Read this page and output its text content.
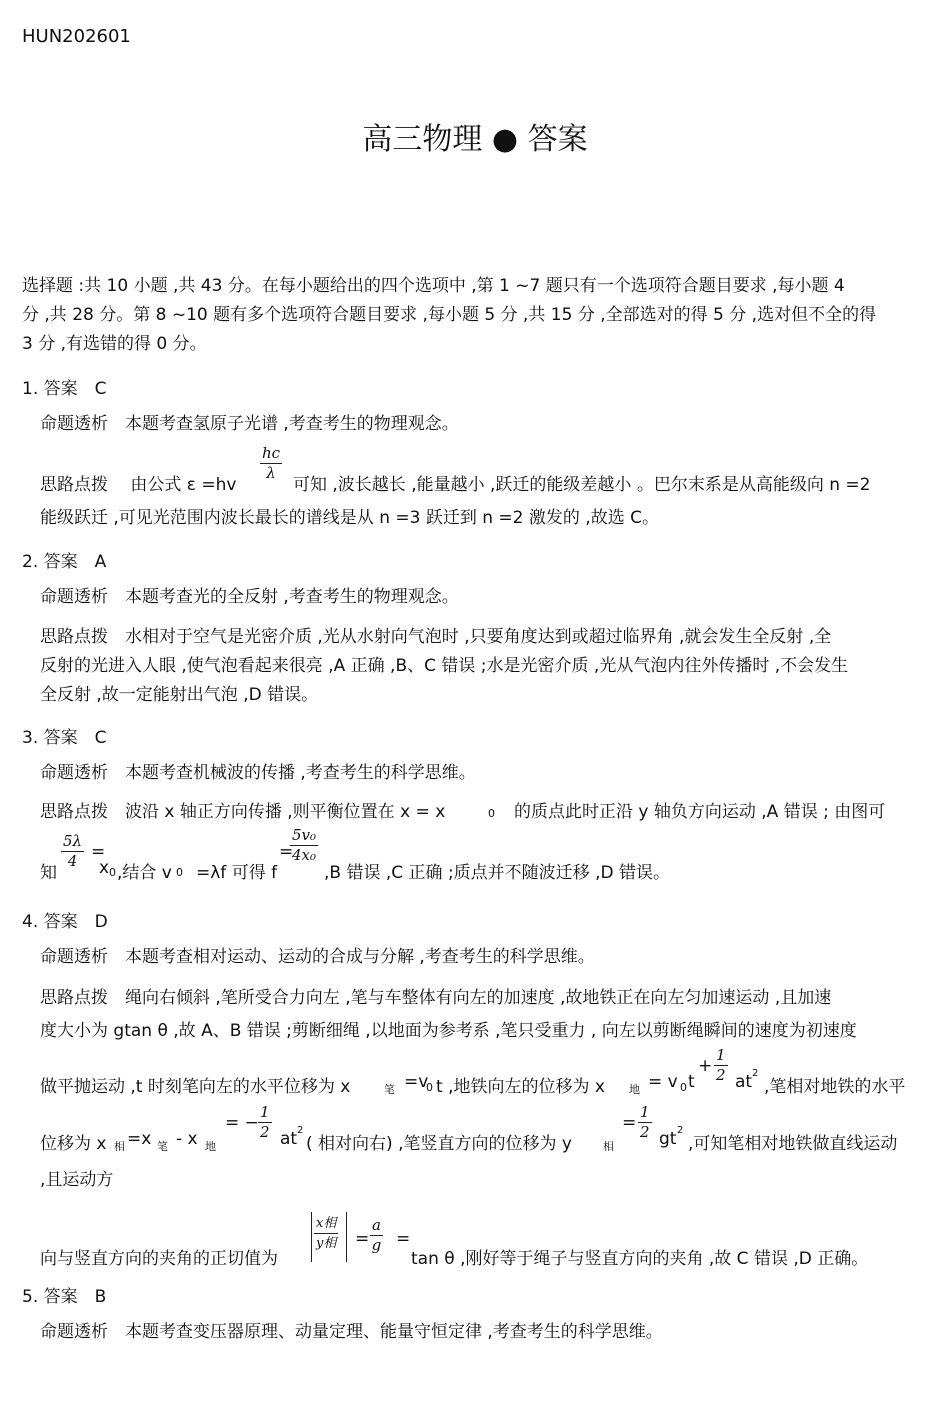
HUN202601
高三物理 ● 答案
选择题 :共 10 小题 ,共 43 分。在每小题给出的四个选项中 ,第 1 ~7 题只有一个选项符合题目要求 ,每小题 4
分 ,共 28 分。第 8 ~10 题有多个选项符合题目要求 ,每小题 5 分 ,共 15 分 ,全部选对的得 5 分 ,选对但不全的得
3 分 ,有选错的得 0 分。
1. 答案　C
命题透析　本题考查氢原子光谱 ,考查考生的物理观念。
思路点拨　 由公式 ε =hv
$\frac{hc}{\lambda}$
可知 ,波长越长 ,能量越小 ,跃迁的能级差越小 。巴尔末系是从高能级向 n =2
能级跃迁 ,可见光范围内波长最长的谱线是从 n =3 跃迁到 n =2 激发的 ,故选 C。
2. 答案　A
命题透析　本题考查光的全反射 ,考查考生的物理观念。
思路点拨　水相对于空气是光密介质 ,光从水射向气泡时 ,只要角度达到或超过临界角 ,就会发生全反射 ,全
反射的光进入人眼 ,使气泡看起来很亮 ,A 正确 ,B、C 错误 ;水是光密介质 ,光从气泡内往外传播时 ,不会发生
全反射 ,故一定能射出气泡 ,D 错误。
3. 答案　C
命题透析　本题考查机械波的传播 ,考查考生的科学思维。
思路点拨　波沿 x 轴正方向传播 ,则平衡位置在 x = x	0 的质点此时正沿 y 轴负方向运动 ,A 错误 ; 由图可
知
$\frac{5\lambda}{4}$ =
x 0 ,结合 v 0 =λf 可得 f
=
$\frac{\text{5v₀}}{\text{4x₀}}$
,B 错误 ,C 正确 ;质点并不随波迁移 ,D 错误。
4. 答案　D
命题透析　本题考查相对运动、运动的合成与分解 ,考查考生的科学思维。
思路点拨　绳向右倾斜 ,笔所受合力向左 ,笔与车整体有向左的加速度 ,故地铁正在向左匀加速运动 ,且加速
度大小为 gtan θ ,故 A、B 错误 ;剪断细绳 ,以地面为参考系 ,笔只受重力 , 向左以剪断绳瞬间的速度为初速度
做平抛运动 ,t 时刻笔向左的水平位移为 x	笔 =v
0 t ,地铁向左的位移为 x 地 = v 0 t
+ $\frac{1}{2}$ at 2
,笔相对地铁的水平
位移为 x 相 =x 笔 - x 地
= − $\frac{1}{2}$ at 2
( 相对向右) ,笔竖直方向的位移为 y	相
= $\frac{1}{2}$ gt 2
,可知笔相对地铁做直线运动
,且运动方
向与竖直方向的夹角的正切值为
x相
y相 = $\frac{a}{g}$ =
tan θ ,刚好等于绳子与竖直方向的夹角 ,故 C 错误 ,D 正确。
5. 答案　B
命题透析　本题考查变压器原理、动量定理、能量守恒定律 ,考查考生的科学思维。
